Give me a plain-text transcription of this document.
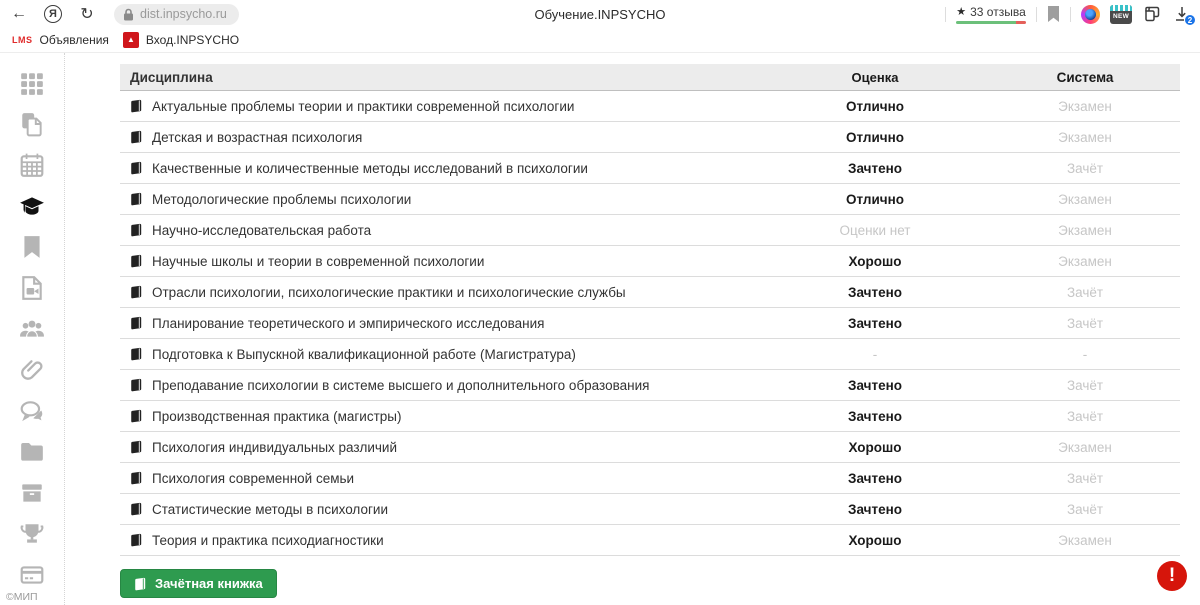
←	Я	↻	dist.inpsycho.ru	Обучение.INPSYCHO	★ 33 отзыва	NEW	2
LMS Объявления	▲ Вход.INPSYCHO
©МИП
Дисциплина	Оценка	Система
Актуальные проблемы теории и практики современной психологии	Отлично	Экзамен
Детская и возрастная психология	Отлично	Экзамен
Качественные и количественные методы исследований в психологии	Зачтено	Зачёт
Методологические проблемы психологии	Отлично	Экзамен
Научно-исследовательская работа	Оценки нет	Экзамен
Научные школы и теории в современной психологии	Хорошо	Экзамен
Отрасли психологии, психологические практики и психологические службы	Зачтено	Зачёт
Планирование теоретического и эмпирического исследования	Зачтено	Зачёт
Подготовка к Выпускной квалификационной работе (Магистратура)	-	-
Преподавание психологии в системе высшего и дополнительного образования	Зачтено	Зачёт
Производственная практика (магистры)	Зачтено	Зачёт
Психология индивидуальных различий	Хорошо	Экзамен
Психология современной семьи	Зачтено	Зачёт
Статистические методы в психологии	Зачтено	Зачёт
Теория и практика психодиагностики	Хорошо	Экзамен
Зачётная книжка	!
